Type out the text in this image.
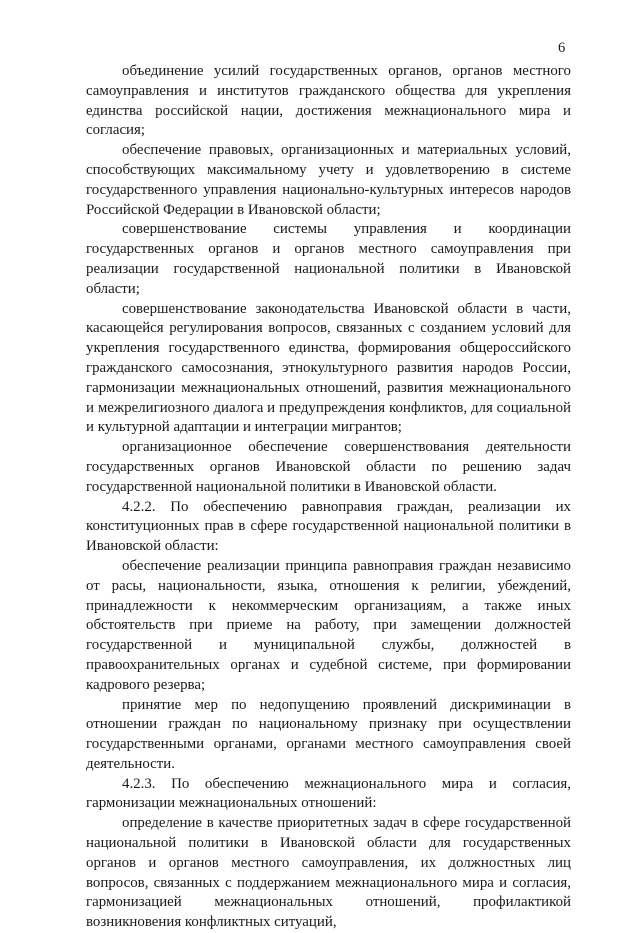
6

объединение усилий государственных органов, органов местного самоуправления и институтов гражданского общества для укрепления единства российской нации, достижения межнационального мира и согласия;

обеспечение правовых, организационных и материальных условий, способствующих максимальному учету и удовлетворению в системе государственного управления национально-культурных интересов народов Российской Федерации в Ивановской области;

совершенствование системы управления и координации государственных органов и органов местного самоуправления при реализации государственной национальной политики в Ивановской области;

совершенствование законодательства Ивановской области в части, касающейся регулирования вопросов, связанных с созданием условий для укрепления государственного единства, формирования общероссийского гражданского самосознания, этнокультурного развития народов России, гармонизации межнациональных отношений, развития межнационального и межрелигиозного диалога и предупреждения конфликтов, для социальной и культурной адаптации и интеграции мигрантов;

организационное обеспечение совершенствования деятельности государственных органов Ивановской области по решению задач государственной национальной политики в Ивановской области.

4.2.2. По обеспечению равноправия граждан, реализации их конституционных прав в сфере государственной национальной политики в Ивановской области:

обеспечение реализации принципа равноправия граждан независимо от расы, национальности, языка, отношения к религии, убеждений, принадлежности к некоммерческим организациям, а также иных обстоятельств при приеме на работу, при замещении должностей государственной и муниципальной службы, должностей в правоохранительных органах и судебной системе, при формировании кадрового резерва;

принятие мер по недопущению проявлений дискриминации в отношении граждан по национальному признаку при осуществлении государственными органами, органами местного самоуправления своей деятельности.

4.2.3. По обеспечению межнационального мира и согласия, гармонизации межнациональных отношений:

определение в качестве приоритетных задач в сфере государственной национальной политики в Ивановской области для государственных органов и органов местного самоуправления, их должностных лиц вопросов, связанных с поддержанием межнационального мира и согласия, гармонизацией межнациональных отношений, профилактикой возникновения конфликтных ситуаций,
